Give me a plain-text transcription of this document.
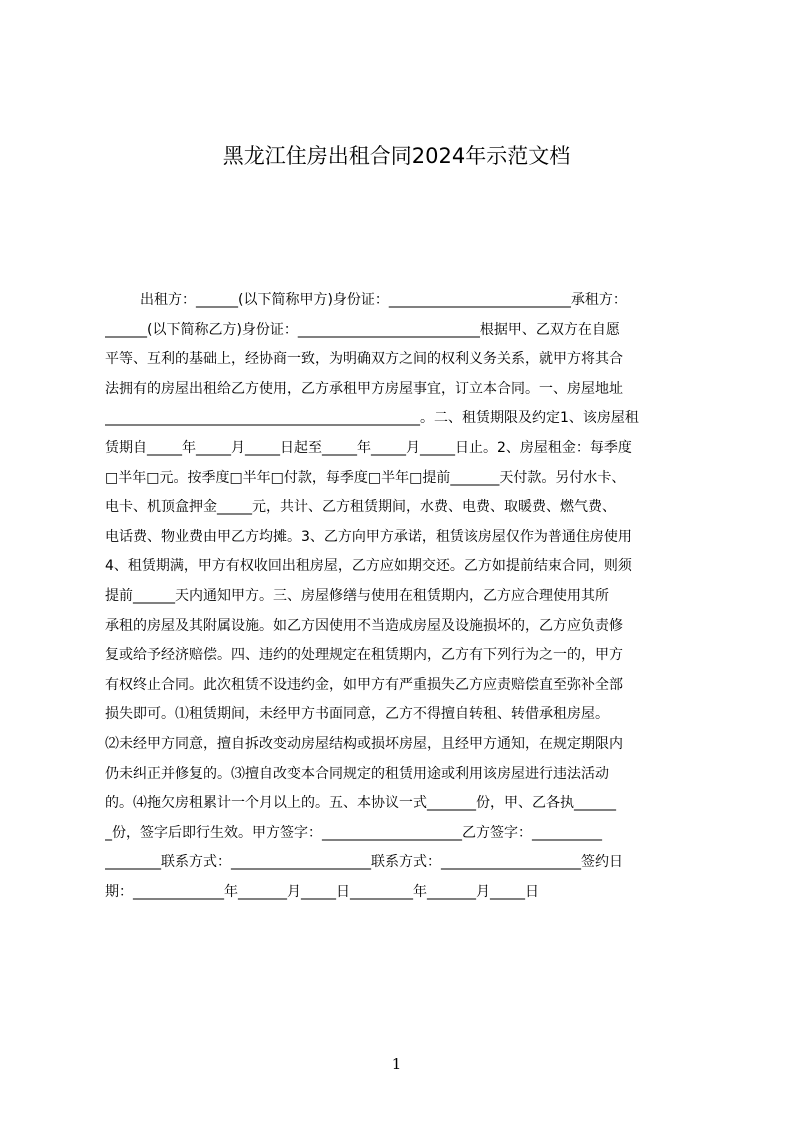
黑龙江住房出租合同2024年示范文档
出租方：______(以下简称甲方)身份证：__________________________承租方：
______(以下简称乙方)身份证：__________________________根据甲、乙双方在自愿
平等、互利的基础上，经协商一致，为明确双方之间的权利义务关系，就甲方将其合
法拥有的房屋出租给乙方使用，乙方承租甲方房屋事宜，订立本合同。一、房屋地址
_____________________________________________。二、租赁期限及约定1、该房屋租
赁期自_____年_____月_____日起至_____年_____月_____日止。2、房屋租金：每季度
□半年□元。按季度□半年□付款，每季度□半年□提前_______天付款。另付水卡、
电卡、机顶盒押金_____元，共计、乙方租赁期间，水费、电费、取暖费、燃气费、
电话费、物业费由甲乙方均摊。3、乙方向甲方承诺，租赁该房屋仅作为普通住房使用
4、租赁期满，甲方有权收回出租房屋，乙方应如期交还。乙方如提前结束合同，则须
提前______天内通知甲方。三、房屋修缮与使用在租赁期内，乙方应合理使用其所
承租的房屋及其附属设施。如乙方因使用不当造成房屋及设施损坏的，乙方应负责修
复或给予经济赔偿。四、违约的处理规定在租赁期内，乙方有下列行为之一的，甲方
有权终止合同。此次租赁不设违约金，如甲方有严重损失乙方应责赔偿直至弥补全部
损失即可。⑴租赁期间，未经甲方书面同意，乙方不得擅自转租、转借承租房屋。
⑵未经甲方同意，擅自拆改变动房屋结构或损坏房屋，且经甲方通知，在规定期限内
仍未纠正并修复的。⑶擅自改变本合同规定的租赁用途或利用该房屋进行违法活动
的。⑷拖欠房租累计一个月以上的。五、本协议一式_______份，甲、乙各执______
_份，签字后即行生效。甲方签字：____________________乙方签字：__________
________联系方式：____________________联系方式：____________________签约日
期：_____________年_______月_____日_________年_______月_____日
1
